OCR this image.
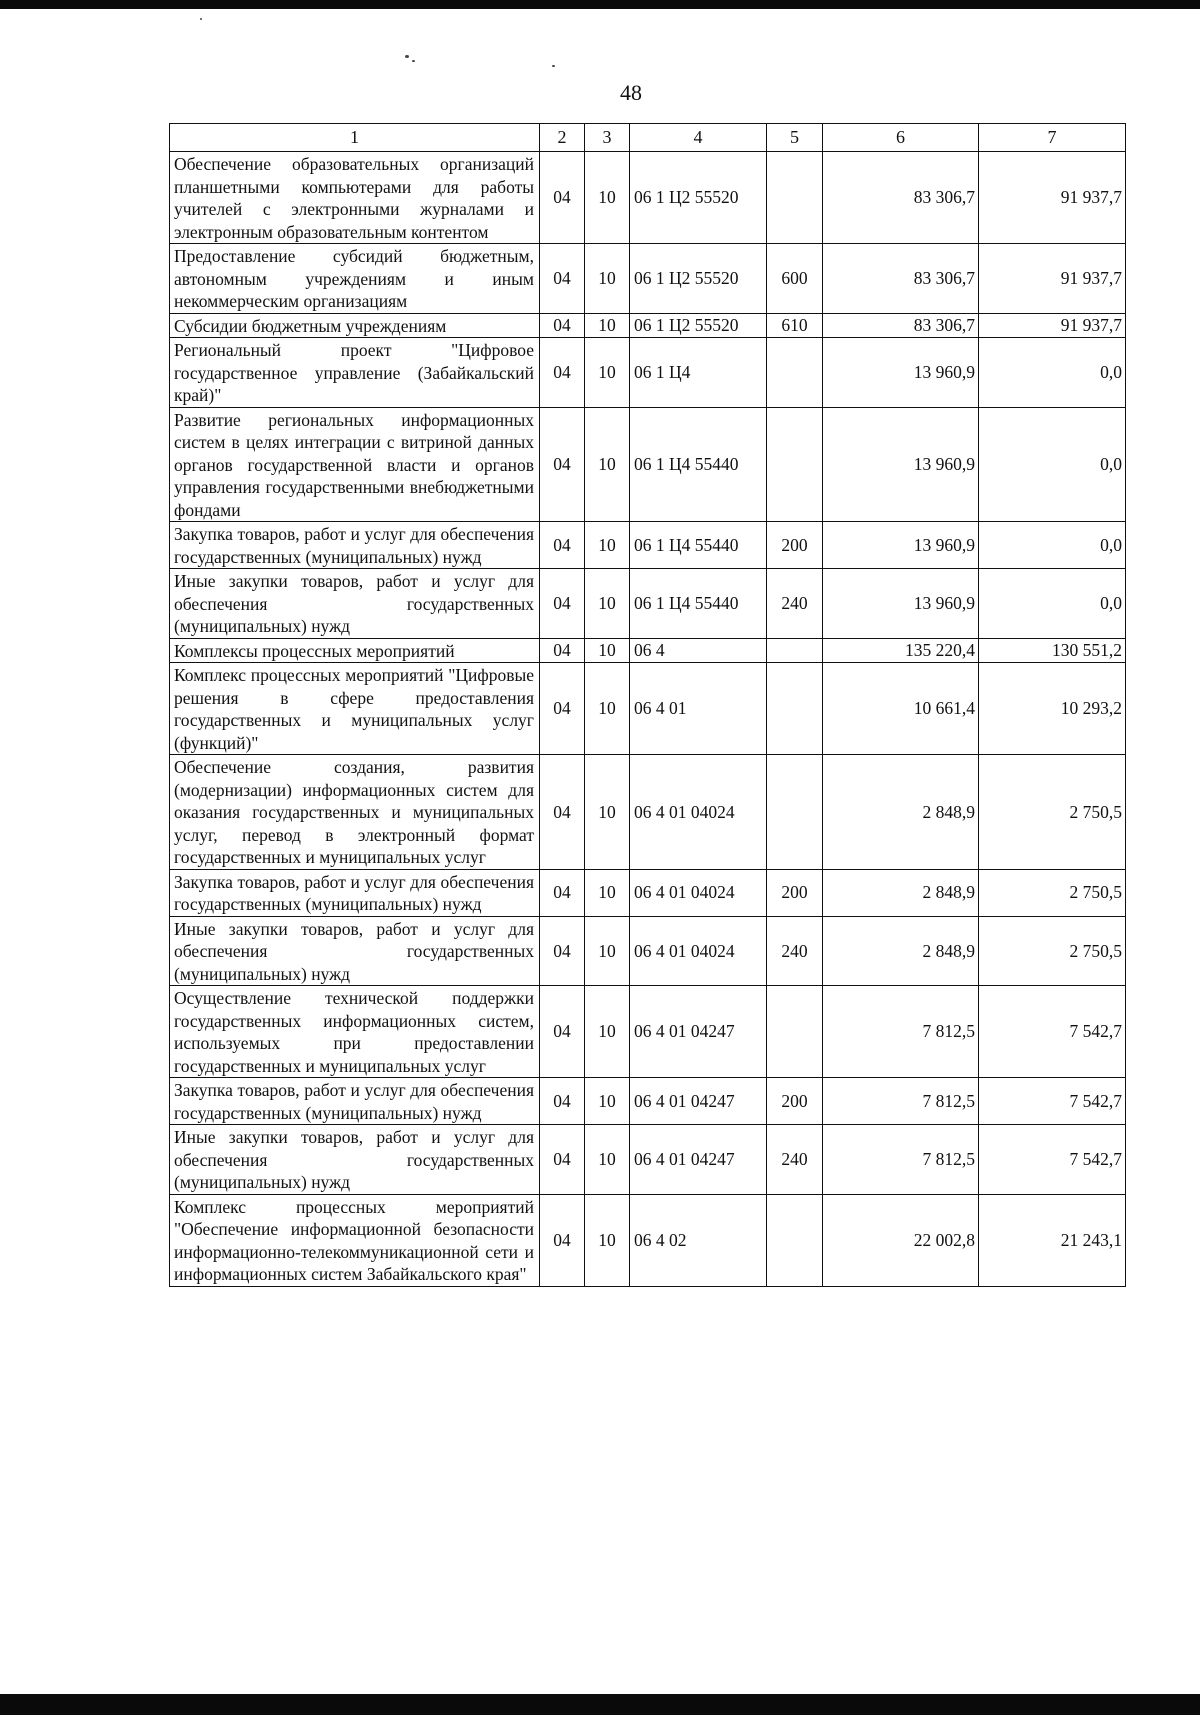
48
1	2	3	4	5	6	7
Обеспечение образовательных организаций планшетными компьютерами для работы учителей с электронными журналами и электронным образовательным контентом	04	10	06 1 Ц2 55520		83 306,7	91 937,7
Предоставление субсидий бюджетным, автономным учреждениям и иным некоммерческим организациям	04	10	06 1 Ц2 55520	600	83 306,7	91 937,7
Субсидии бюджетным учреждениям	04	10	06 1 Ц2 55520	610	83 306,7	91 937,7
Региональный проект "Цифровое государственное управление (Забайкальский край)"	04	10	06 1 Ц4		13 960,9	0,0
Развитие региональных информационных систем в целях интеграции с витриной данных органов государственной власти и органов управления государственными внебюджетными фондами	04	10	06 1 Ц4 55440		13 960,9	0,0
Закупка товаров, работ и услуг для обеспечения государственных (муниципальных) нужд	04	10	06 1 Ц4 55440	200	13 960,9	0,0
Иные закупки товаров, работ и услуг для обеспечения государственных (муниципальных) нужд	04	10	06 1 Ц4 55440	240	13 960,9	0,0
Комплексы процессных мероприятий	04	10	06 4		135 220,4	130 551,2
Комплекс процессных мероприятий "Цифровые решения в сфере предоставления государственных и муниципальных услуг (функций)"	04	10	06 4 01		10 661,4	10 293,2
Обеспечение создания, развития (модернизации) информационных систем для оказания государственных и муниципальных услуг, перевод в электронный формат государственных и муниципальных услуг	04	10	06 4 01 04024		2 848,9	2 750,5
Закупка товаров, работ и услуг для обеспечения государственных (муниципальных) нужд	04	10	06 4 01 04024	200	2 848,9	2 750,5
Иные закупки товаров, работ и услуг для обеспечения государственных (муниципальных) нужд	04	10	06 4 01 04024	240	2 848,9	2 750,5
Осуществление технической поддержки государственных информационных систем, используемых при предоставлении государственных и муниципальных услуг	04	10	06 4 01 04247		7 812,5	7 542,7
Закупка товаров, работ и услуг для обеспечения государственных (муниципальных) нужд	04	10	06 4 01 04247	200	7 812,5	7 542,7
Иные закупки товаров, работ и услуг для обеспечения государственных (муниципальных) нужд	04	10	06 4 01 04247	240	7 812,5	7 542,7
Комплекс процессных мероприятий "Обеспечение информационной безопасности информационно-телекоммуникационной сети и информационных систем Забайкальского края"	04	10	06 4 02		22 002,8	21 243,1
